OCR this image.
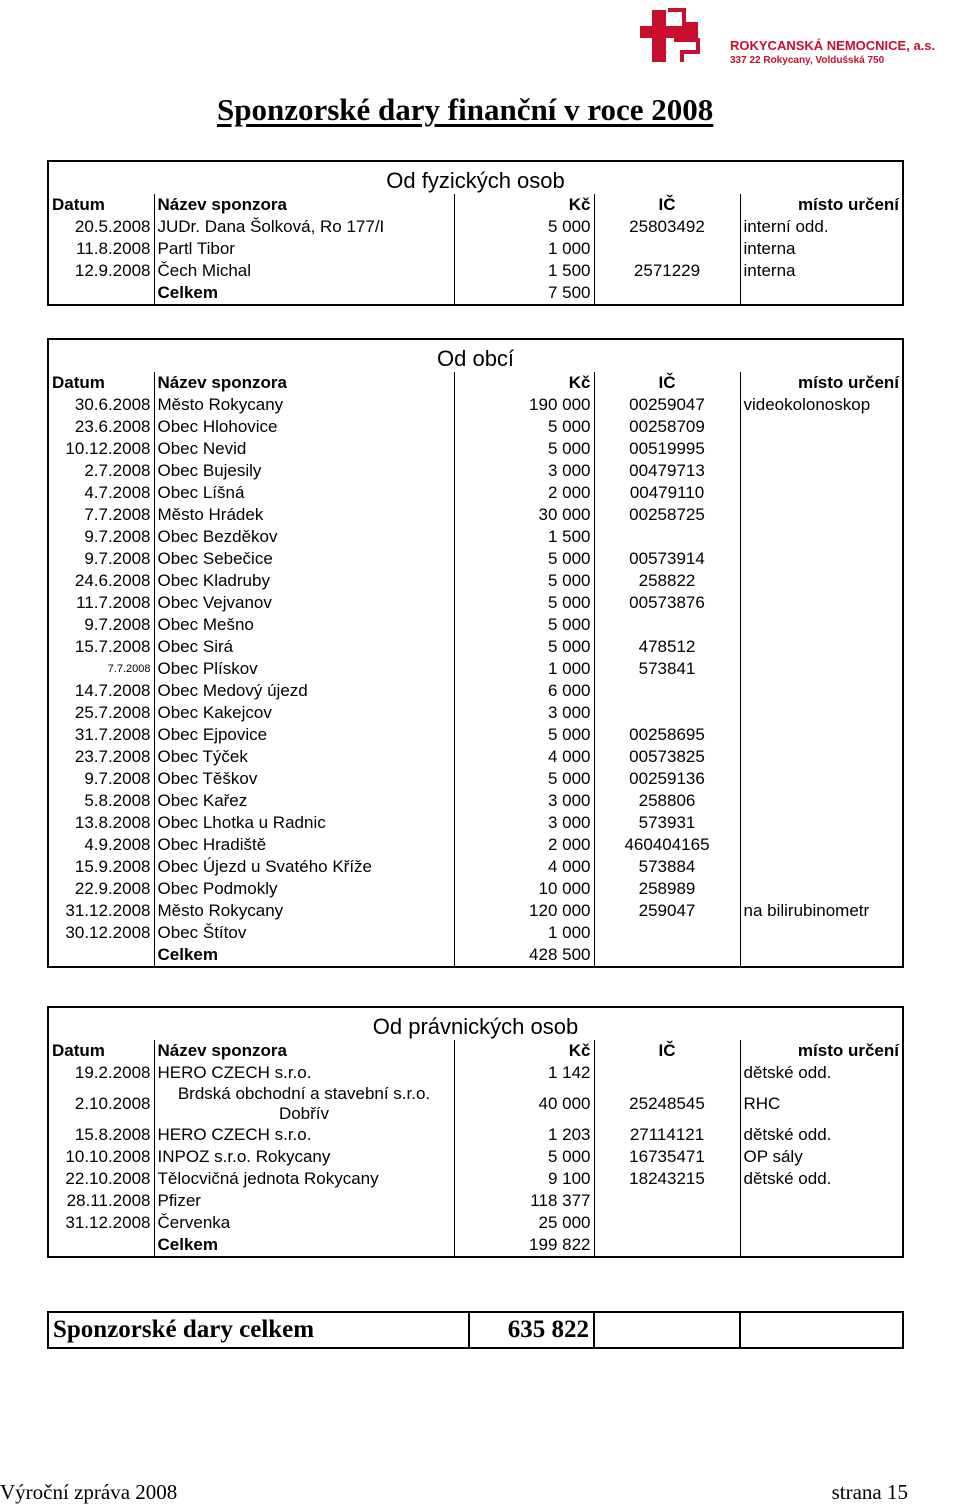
ROKYCANSKÁ NEMOCNICE, a.s.
337 22 Rokycany, Voldušská 750
Sponzorské dary finanční v roce 2008
Od fyzických osob				
Datum	Název sponzora	Kč	IČ	místo určení
20.5.2008	JUDr. Dana Šolková, Ro 177/I	5 000	25803492	interní odd.
11.8.2008	Partl Tibor	1 000		interna
12.9.2008	Čech Michal	1 500	2571229	interna
	Celkem	7 500		
Od obcí				
Datum	Název sponzora	Kč	IČ	místo určení
30.6.2008	Město Rokycany	190 000	00259047	videokolonoskop
23.6.2008	Obec Hlohovice	5 000	00258709	
10.12.2008	Obec Nevid	5 000	00519995	
2.7.2008	Obec Bujesily	3 000	00479713	
4.7.2008	Obec Líšná	2 000	00479110	
7.7.2008	Město Hrádek	30 000	00258725	
9.7.2008	Obec Bezděkov	1 500		
9.7.2008	Obec Sebečice	5 000	00573914	
24.6.2008	Obec Kladruby	5 000	258822	
11.7.2008	Obec Vejvanov	5 000	00573876	
9.7.2008	Obec Mešno	5 000		
15.7.2008	Obec Sirá	5 000	478512	
7.7.2008	Obec Plískov	1 000	573841	
14.7.2008	Obec Medový újezd	6 000		
25.7.2008	Obec Kakejcov	3 000		
31.7.2008	Obec Ejpovice	5 000	00258695	
23.7.2008	Obec Týček	4 000	00573825	
9.7.2008	Obec Těškov	5 000	00259136	
5.8.2008	Obec Kařez	3 000	258806	
13.8.2008	Obec Lhotka u Radnic	3 000	573931	
4.9.2008	Obec Hradiště	2 000	460404165	
15.9.2008	Obec Újezd u Svatého Kříže	4 000	573884	
22.9.2008	Obec Podmokly	10 000	258989	
31.12.2008	Město Rokycany	120 000	259047	na bilirubinometr
30.12.2008	Obec Štítov	1 000		
	Celkem	428 500		
Od právnických osob				
Datum	Název sponzora	Kč	IČ	místo určení
19.2.2008	HERO CZECH s.r.o.	1 142		dětské odd.
2.10.2008	Brdská obchodní a stavební s.r.o. Dobřív	40 000	25248545	RHC
15.8.2008	HERO CZECH s.r.o.	1 203	27114121	dětské odd.
10.10.2008	INPOZ s.r.o. Rokycany	5 000	16735471	OP sály
22.10.2008	Tělocvičná jednota Rokycany	9 100	18243215	dětské odd.
28.11.2008	Pfizer	118 377		
31.12.2008	Červenka	25 000		
	Celkem	199 822		
Sponzorské dary celkem	635 822		
Výroční zpráva 2008	strana 15
